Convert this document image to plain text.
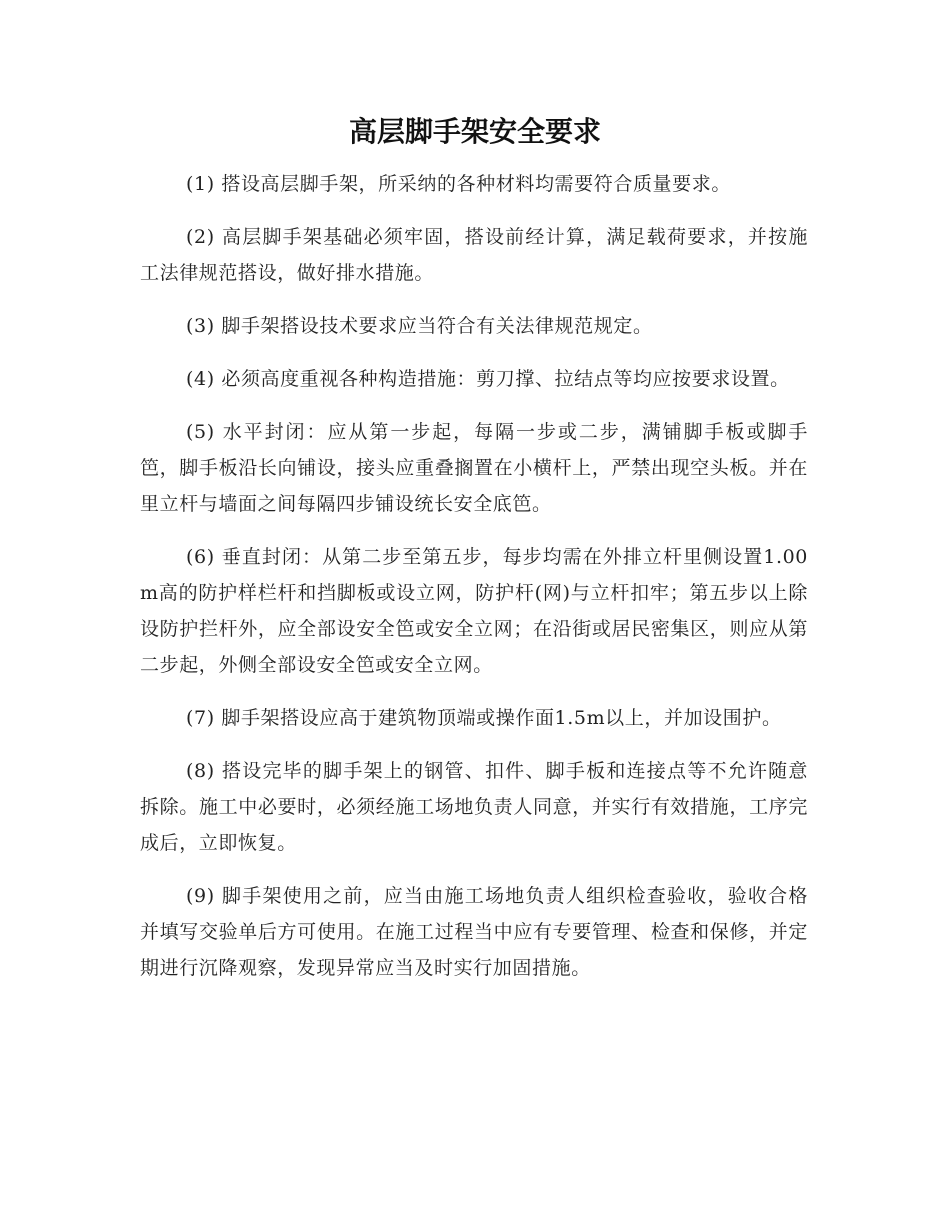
高层脚手架安全要求

(1) 搭设高层脚手架，所采纳的各种材料均需要符合质量要求。

(2) 高层脚手架基础必须牢固，搭设前经计算，满足载荷要求，并按施工法律规范搭设，做好排水措施。

(3) 脚手架搭设技术要求应当符合有关法律规范规定。

(4) 必须高度重视各种构造措施：剪刀撑、拉结点等均应按要求设置。

(5) 水平封闭：应从第一步起，每隔一步或二步，满铺脚手板或脚手笆，脚手板沿长向铺设，接头应重叠搁置在小横杆上，严禁出现空头板。并在里立杆与墙面之间每隔四步铺设统长安全底笆。

(6) 垂直封闭：从第二步至第五步，每步均需在外排立杆里侧设置1.00m高的防护样栏杆和挡脚板或设立网，防护杆(网)与立杆扣牢；第五步以上除设防护拦杆外，应全部设安全笆或安全立网；在沿街或居民密集区，则应从第二步起，外侧全部设安全笆或安全立网。

(7) 脚手架搭设应高于建筑物顶端或操作面1.5m以上，并加设围护。

(8) 搭设完毕的脚手架上的钢管、扣件、脚手板和连接点等不允许随意拆除。施工中必要时，必须经施工场地负责人同意，并实行有效措施，工序完成后，立即恢复。

(9) 脚手架使用之前，应当由施工场地负责人组织检查验收，验收合格并填写交验单后方可使用。在施工过程当中应有专要管理、检查和保修，并定期进行沉降观察，发现异常应当及时实行加固措施。
